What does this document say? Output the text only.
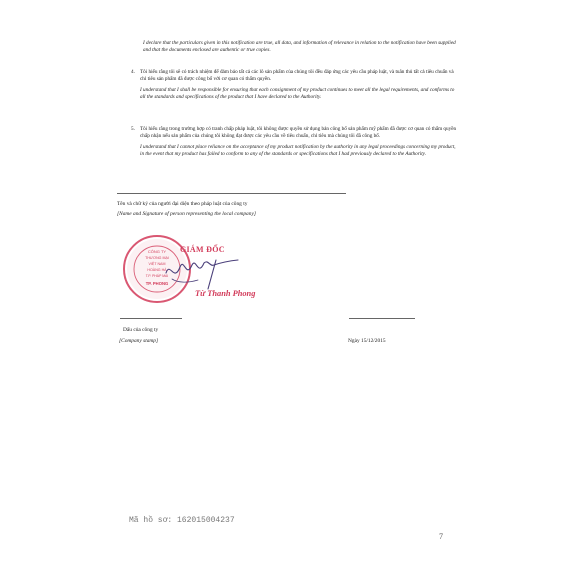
I declare that the particulars given in this notification are true, all data, and information of relevance in relation to the notification have been supplied and that the documents enclosed are authentic or true copies.

4. Tôi hiểu rằng tôi sẽ có trách nhiệm để đảm bảo tất cả các lô sản phẩm của chúng tôi đều đáp ứng các yêu cầu pháp luật, và tuân thủ tất cả tiêu chuẩn và chỉ tiêu sản phẩm đã được công bố với cơ quan có thẩm quyền.
I understand that I shall be responsible for ensuring that each consignment of my product continues to meet all the legal requirements, and conforms to all the standards and specifications of the product that I have declared to the Authority.
5. Tôi hiểu rằng trong trường hợp có tranh chấp pháp luật, tôi không được quyền sử dụng bản công bố sản phẩm mỹ phẩm đã được cơ quan có thẩm quyền chấp nhận nếu sản phẩm của chúng tôi không đạt được các yêu cầu về tiêu chuẩn, chỉ tiêu mà chúng tôi đã công bố.
I understand that I cannot place reliance on the acceptance of my product notification by the authority in any legal proceedings concerning my product, in the event that my product has failed to conform to any of the standards or specifications that I had previously declared to the Authority.
Tên và chữ ký của người đại diện theo pháp luật của công ty
[Name and Signature of person representing the local company]
CÔNG TY
THƯƠNG MẠI
VIỆT NAM
HOÀNG HÀ
T.P. PHÁP MAI
TP. PHONG
GIÁM ĐỐC
Từ Thanh Phong
Dấu của công ty
[Company stamp]	Ngày 15/12/2015
Mã hồ sơ: 162015004237
7
